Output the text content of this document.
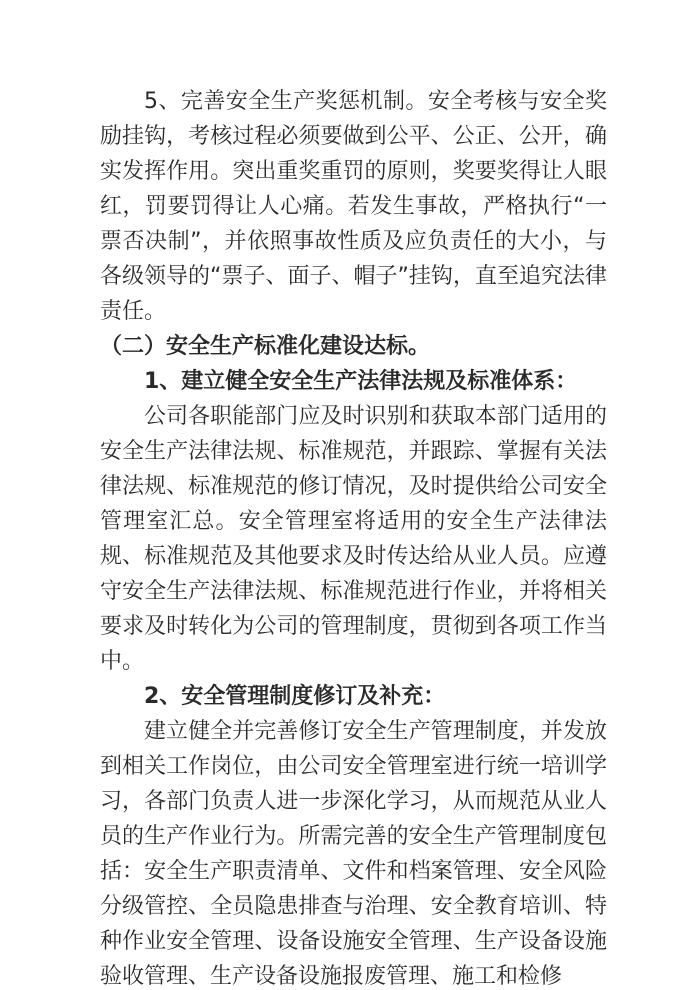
5、完善安全生产奖惩机制。安全考核与安全奖励挂钩，考核过程必须要做到公平、公正、公开，确实发挥作用。突出重奖重罚的原则，奖要奖得让人眼红，罚要罚得让人心痛。若发生事故，严格执行“一票否决制”，并依照事故性质及应负责任的大小，与各级领导的“票子、面子、帽子”挂钩，直至追究法律责任。

（二）安全生产标准化建设达标。

1、建立健全安全生产法律法规及标准体系：

公司各职能部门应及时识别和获取本部门适用的安全生产法律法规、标准规范，并跟踪、掌握有关法律法规、标准规范的修订情况，及时提供给公司安全管理室汇总。安全管理室将适用的安全生产法律法规、标准规范及其他要求及时传达给从业人员。应遵守安全生产法律法规、标准规范进行作业，并将相关要求及时转化为公司的管理制度，贯彻到各项工作当中。

2、安全管理制度修订及补充：

建立健全并完善修订安全生产管理制度，并发放到相关工作岗位，由公司安全管理室进行统一培训学习，各部门负责人进一步深化学习，从而规范从业人员的生产作业行为。所需完善的安全生产管理制度包括：安全生产职责清单、文件和档案管理、安全风险分级管控、全员隐患排查与治理、安全教育培训、特种作业安全管理、设备设施安全管理、生产设备设施验收管理、生产设备设施报废管理、施工和检修
